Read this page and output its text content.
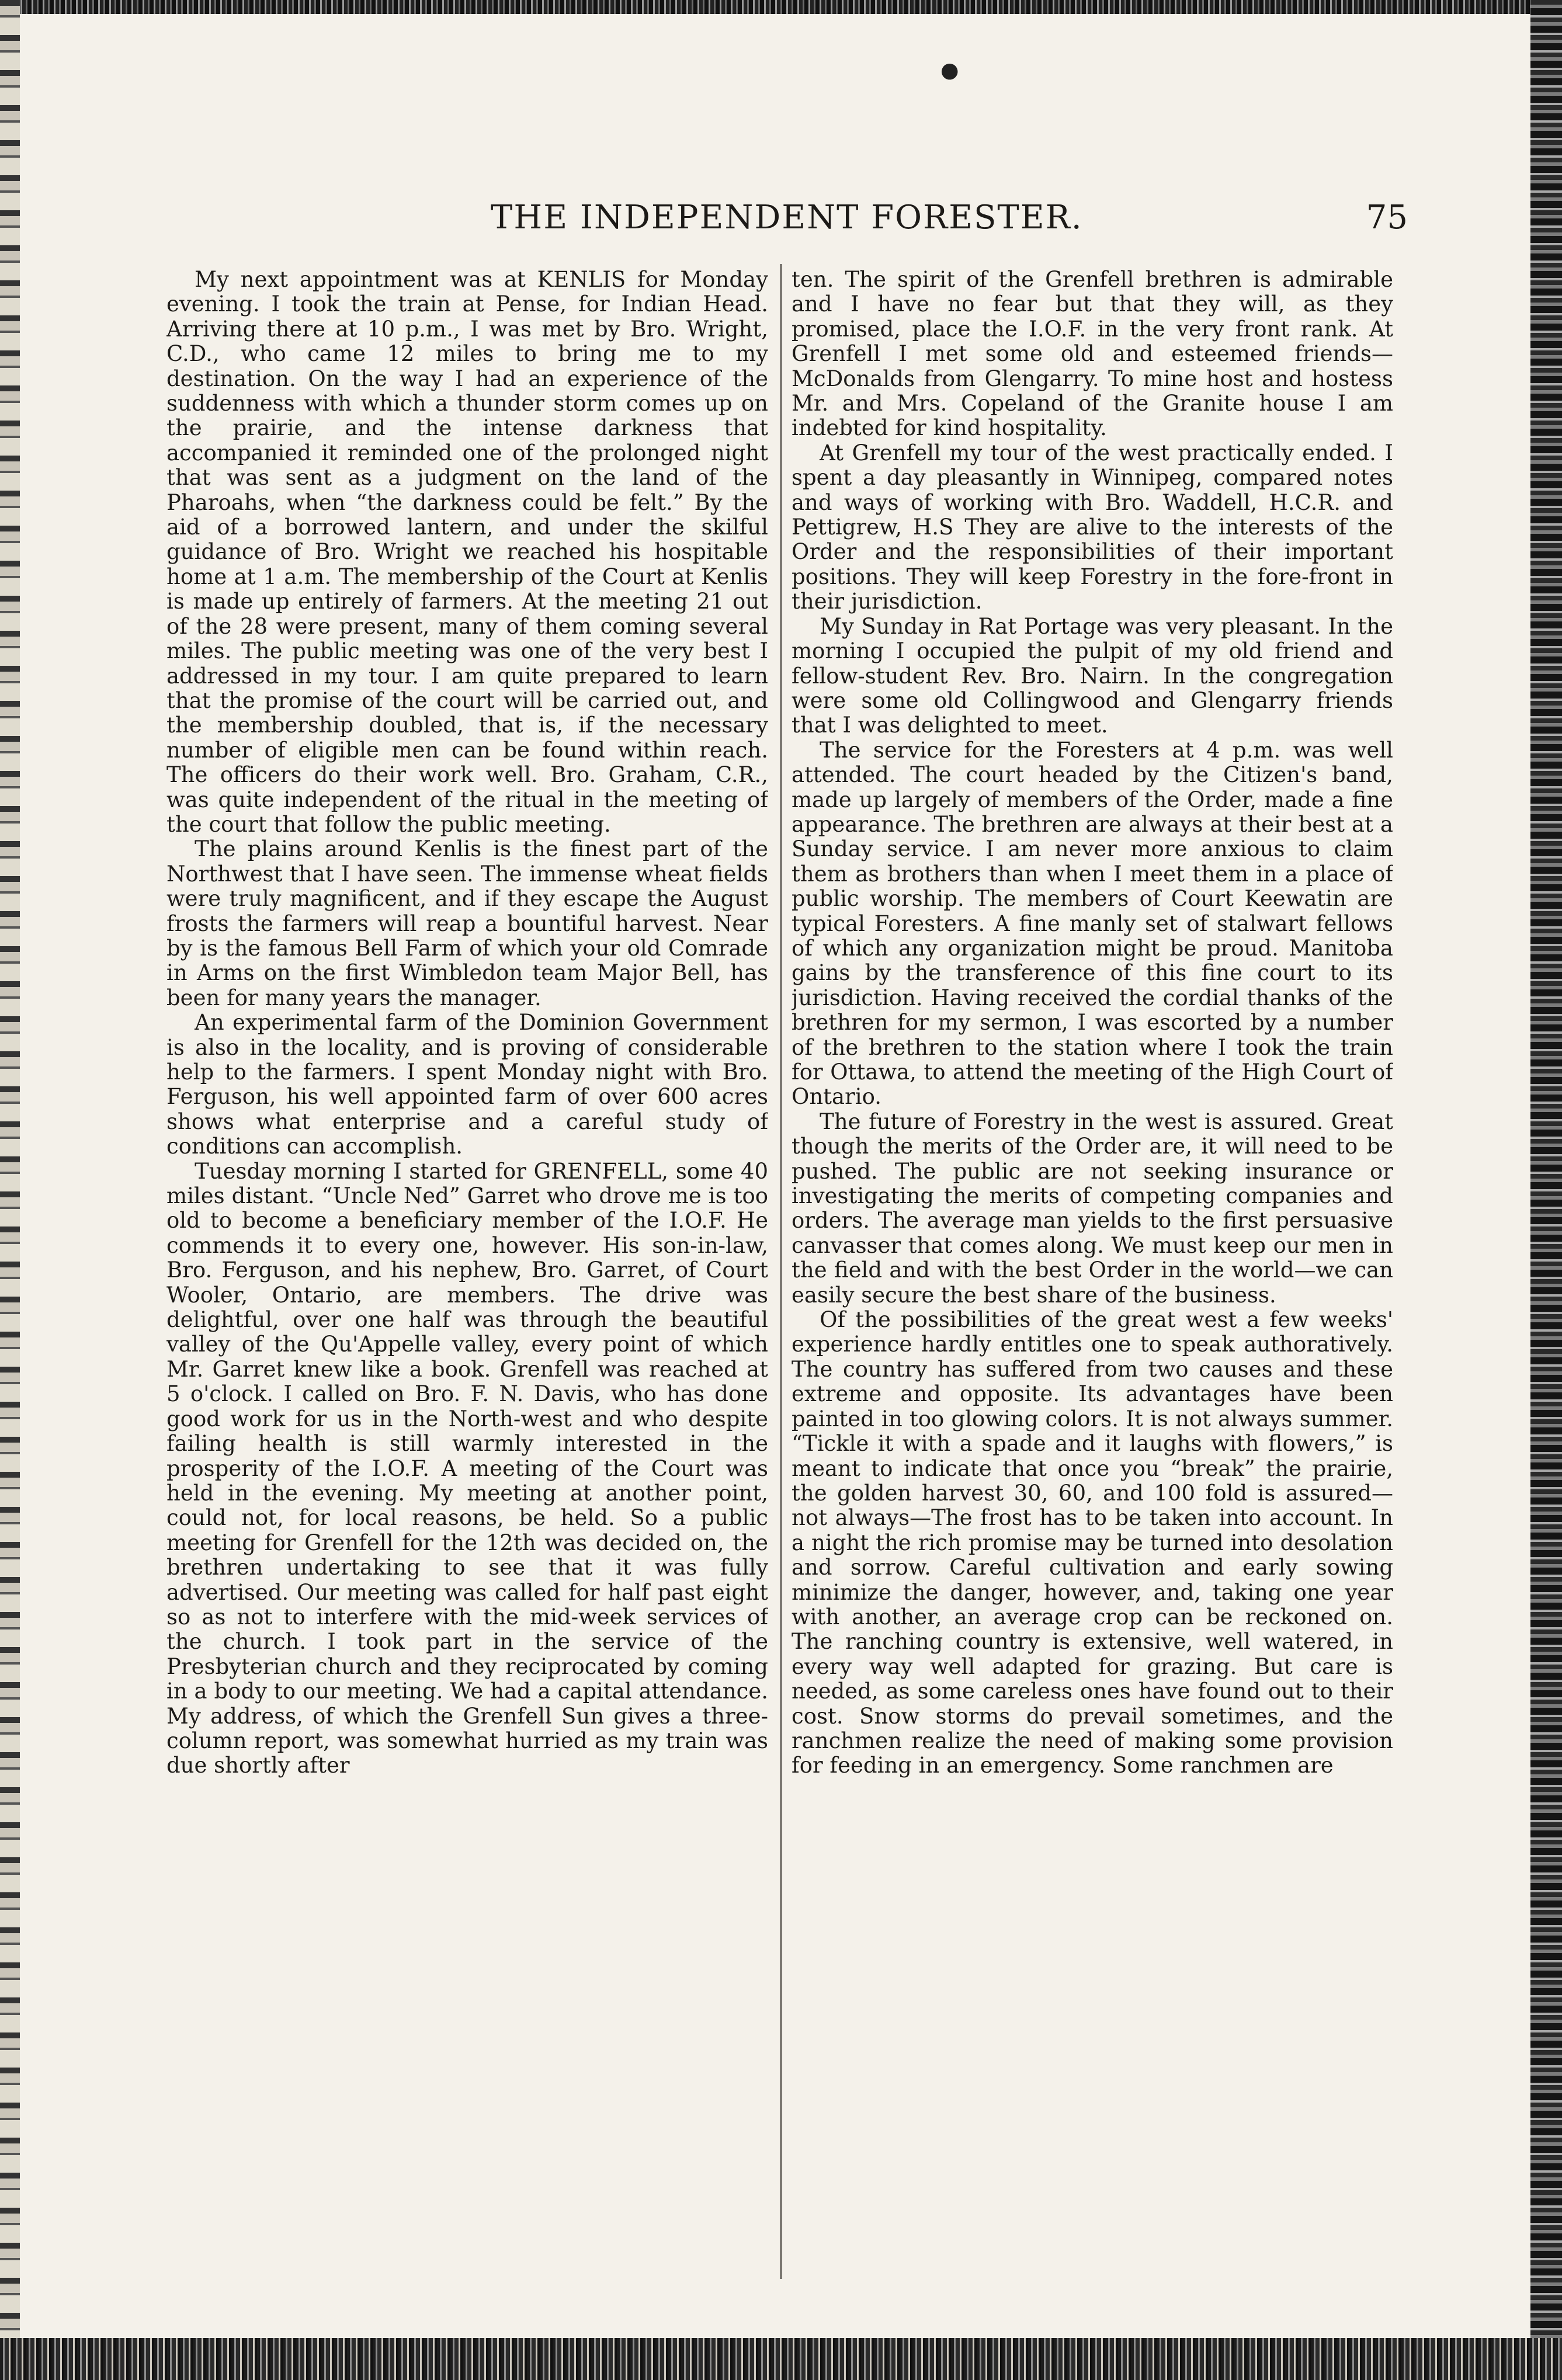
●
THE INDEPENDENT FORESTER.	75

My next appointment was at KENLIS for Monday evening. I took the train at Pense, for Indian Head. Arriving there at 10 p.m., I was met by Bro. Wright, C.D., who came 12 miles to bring me to my destination. On the way I had an experience of the suddenness with which a thunder storm comes up on the prairie, and the intense darkness that accompanied it reminded one of the prolonged night that was sent as a judgment on the land of the Pharoahs, when “the darkness could be felt.” By the aid of a borrowed lantern, and under the skilful guidance of Bro. Wright we reached his hospitable home at 1 a.m. The membership of the Court at Kenlis is made up entirely of farmers. At the meeting 21 out of the 28 were present, many of them coming several miles. The public meeting was one of the very best I addressed in my tour. I am quite prepared to learn that the promise of the court will be carried out, and the membership doubled, that is, if the necessary number of eligible men can be found within reach. The officers do their work well. Bro. Graham, C.R., was quite independent of the ritual in the meeting of the court that follow the public meeting.

The plains around Kenlis is the finest part of the Northwest that I have seen. The immense wheat fields were truly magnificent, and if they escape the August frosts the farmers will reap a bountiful harvest. Near by is the famous Bell Farm of which your old Comrade in Arms on the first Wimbledon team Major Bell, has been for many years the manager.

An experimental farm of the Dominion Government is also in the locality, and is proving of considerable help to the farmers. I spent Monday night with Bro. Ferguson, his well appointed farm of over 600 acres shows what enterprise and a careful study of conditions can accomplish.

Tuesday morning I started for GRENFELL, some 40 miles distant. “Uncle Ned” Garret who drove me is too old to become a beneficiary member of the I.O.F. He commends it to every one, however. His son-in-law, Bro. Ferguson, and his nephew, Bro. Garret, of Court Wooler, Ontario, are members. The drive was delightful, over one half was through the beautiful valley of the Qu'Appelle valley, every point of which Mr. Garret knew like a book. Grenfell was reached at 5 o'clock. I called on Bro. F. N. Davis, who has done good work for us in the North-west and who despite failing health is still warmly interested in the prosperity of the I.O.F. A meeting of the Court was held in the evening. My meeting at another point, could not, for local reasons, be held. So a public meeting for Grenfell for the 12th was decided on, the brethren undertaking to see that it was fully advertised. Our meeting was called for half past eight so as not to interfere with the mid-week services of the church. I took part in the service of the Presbyterian church and they reciprocated by coming in a body to our meeting. We had a capital attendance. My address, of which the Grenfell Sun gives a three-column report, was somewhat hurried as my train was due shortly after

ten. The spirit of the Grenfell brethren is admirable and I have no fear but that they will, as they promised, place the I.O.F. in the very front rank. At Grenfell I met some old and esteemed friends—McDonalds from Glengarry. To mine host and hostess Mr. and Mrs. Copeland of the Granite house I am indebted for kind hospitality.

At Grenfell my tour of the west practically ended. I spent a day pleasantly in Winnipeg, compared notes and ways of working with Bro. Waddell, H.C.R. and Pettigrew, H.S They are alive to the interests of the Order and the responsibilities of their important positions. They will keep Forestry in the fore-front in their jurisdiction.

My Sunday in Rat Portage was very pleasant. In the morning I occupied the pulpit of my old friend and fellow-student Rev. Bro. Nairn. In the congregation were some old Collingwood and Glengarry friends that I was delighted to meet.

The service for the Foresters at 4 p.m. was well attended. The court headed by the Citizen's band, made up largely of members of the Order, made a fine appearance. The brethren are always at their best at a Sunday service. I am never more anxious to claim them as brothers than when I meet them in a place of public worship. The members of Court Keewatin are typical Foresters. A fine manly set of stalwart fellows of which any organization might be proud. Manitoba gains by the transference of this fine court to its jurisdiction. Having received the cordial thanks of the brethren for my sermon, I was escorted by a number of the brethren to the station where I took the train for Ottawa, to attend the meeting of the High Court of Ontario.

The future of Forestry in the west is assured. Great though the merits of the Order are, it will need to be pushed. The public are not seeking insurance or investigating the merits of competing companies and orders. The average man yields to the first persuasive canvasser that comes along. We must keep our men in the field and with the best Order in the world—we can easily secure the best share of the business.

Of the possibilities of the great west a few weeks' experience hardly entitles one to speak authoratively. The country has suffered from two causes and these extreme and opposite. Its advantages have been painted in too glowing colors. It is not always summer. “Tickle it with a spade and it laughs with flowers,” is meant to indicate that once you “break” the prairie, the golden harvest 30, 60, and 100 fold is assured—not always—The frost has to be taken into account. In a night the rich promise may be turned into desolation and sorrow. Careful cultivation and early sowing minimize the danger, however, and, taking one year with another, an average crop can be reckoned on. The ranching country is extensive, well watered, in every way well adapted for grazing. But care is needed, as some careless ones have found out to their cost. Snow storms do prevail sometimes, and the ranchmen realize the need of making some provision for feeding in an emergency. Some ranchmen are
